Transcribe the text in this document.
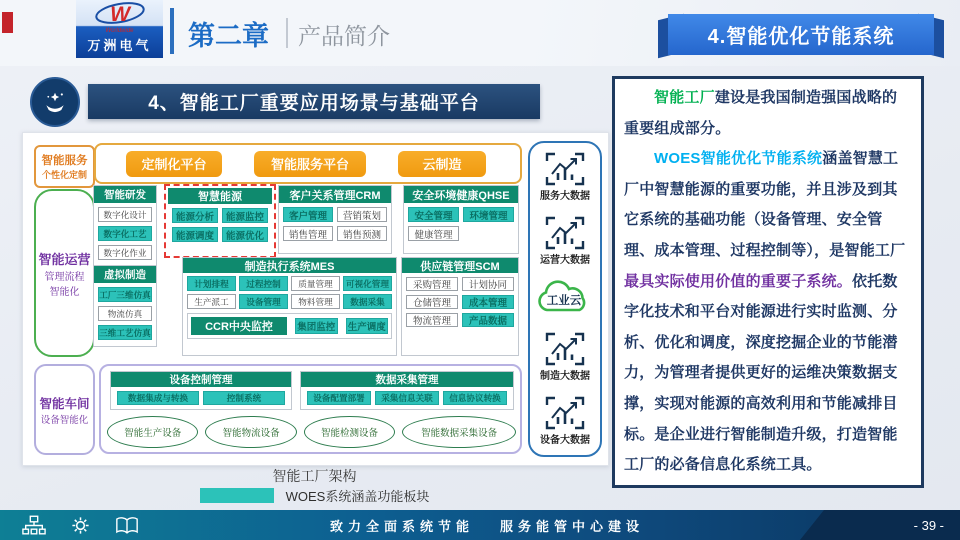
W
Worldwide
万洲电气 第二章 产品简介	4.智能优化节能系统
4、智能工厂重要应用场景与基础平台
智能服务
个性化定制
定制化平台	智能服务平台	云制造
智能运营
管理流程
智能化
智能车间
设备智能化
智能研发
数字化设计
数字化工艺
数字化作业
虚拟制造
工厂三维仿真
物流仿真
三维工艺仿真
智慧能源
能源分析	能源监控
能源调度	能源优化
客户关系管理CRM
客户管理	营销策划
销售管理	销售预测
安全环境健康QHSE
安全管理	环境管理
健康管理
制造执行系统MES
计划排程	过程控制	质量管理	可视化管理
生产派工	设备管理	物料管理	数据采集
CCR中央监控	集团监控 生产调度
供应链管理SCM
采购管理	计划协同
仓储管理	成本管理
物流管理	产品数据
设备控制管理
数据集成与转换	控制系统
数据采集管理
设备配置部署	采集信息关联	信息协议转换
智能生产设备	智能物流设备	智能检测设备	智能数据采集设备
服务大数据
运营大数据
工业云
制造大数据
设备大数据
智能工厂架构
WOES系统涵盖功能板块

智能工厂建设是我国制造强国战略的重要组成部分。

WOES智能优化节能系统涵盖智慧工厂中智慧能源的重要功能，并且涉及到其它系统的基础功能（设备管理、安全管理、成本管理、过程控制等），是智能工厂最具实际使用价值的重要子系统。依托数字化技术和平台对能源进行实时监测、分析、优化和调度，深度挖掘企业的节能潜力，为管理者提供更好的运维决策数据支撑，实现对能源的高效利用和节能减排目标。是企业进行智能制造升级，打造智能工厂的必备信息化系统工具。

致力全面系统节能 服务能管中心建设	- 39 -
